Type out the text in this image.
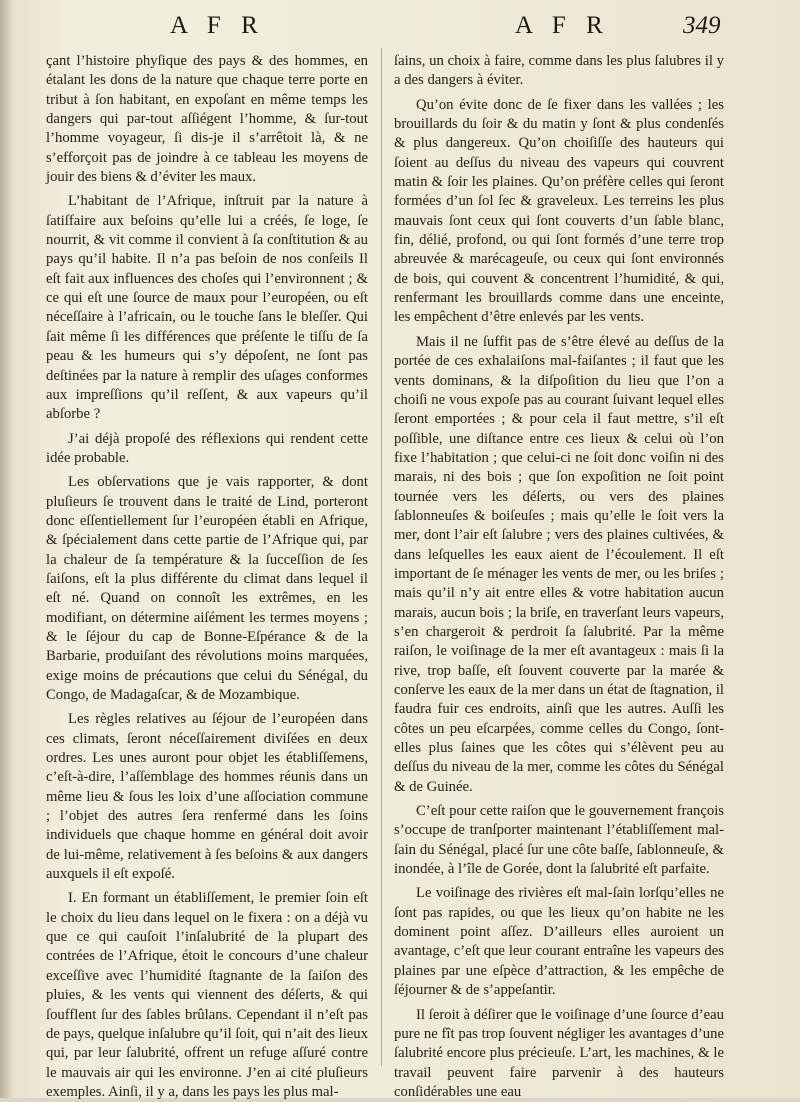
A F R	A F R	349

çant l’histoire phyſique des pays & des hommes, en étalant les dons de la nature que chaque terre porte en tribut à ſon habitant, en expoſant en même temps les dangers qui par-tout aſſiégent l’homme, & ſur-tout l’homme voyageur, ſi dis-je il s’arrêtoit là, & ne s’efforçoit pas de joindre à ce tableau les moyens de jouir des biens & d’éviter les maux.

L’habitant de l’Afrique, inſtruit par la nature à ſatiſfaire aux beſoins qu’elle lui a créés, ſe loge, ſe nourrit, & vit comme il convient à ſa conſtitution & au pays qu’il habite. Il n’a pas beſoin de nos conſeils Il eſt fait aux influences des choſes qui l’environnent ; & ce qui eſt une ſource de maux pour l’européen, ou eſt néceſſaire à l’africain, ou le touche ſans le bleſſer. Qui ſait même ſi les différences que préſente le tiſſu de ſa peau & les humeurs qui s’y dépoſent, ne ſont pas deſtinées par la nature à remplir des uſages conformes aux impreſſions qu’il reſſent, & aux vapeurs qu’il abſorbe ?

J’ai déjà propoſé des réflexions qui rendent cette idée probable.

Les obſervations que je vais rapporter, & dont pluſieurs ſe trouvent dans le traité de Lind, porteront donc eſſentiellement ſur l’européen établi en Afrique, & ſpécialement dans cette partie de l’Afrique qui, par la chaleur de ſa température & la ſucceſſion de ſes ſaiſons, eſt la plus différente du climat dans lequel il eſt né. Quand on connoît les extrêmes, en les modifiant, on détermine aiſément les termes moyens ; & le ſéjour du cap de Bonne-Eſpérance & de la Barbarie, produiſant des révolutions moins marquées, exige moins de précautions que celui du Sénégal, du Congo, de Madagaſcar, & de Mozambique.

Les règles relatives au ſéjour de l’européen dans ces climats, ſeront néceſſairement diviſées en deux ordres. Les unes auront pour objet les établiſſemens, c’eſt-à-dire, l’aſſemblage des hommes réunis dans un même lieu & ſous les loix d’une aſſociation commune ; l’objet des autres ſera renfermé dans les ſoins individuels que chaque homme en général doit avoir de lui-même, relativement à ſes beſoins & aux dangers auxquels il eſt expoſé.

I. En formant un établiſſement, le premier ſoin eſt le choix du lieu dans lequel on le fixera : on a déjà vu que ce qui cauſoit l’inſalubrité de la plupart des contrées de l’Afrique, étoit le concours d’une chaleur exceſſive avec l’humidité ſtagnante de la ſaiſon des pluies, & les vents qui viennent des déſerts, & qui ſoufflent ſur des ſables brûlans. Cependant il n’eſt pas de pays, quelque inſalubre qu’il ſoit, qui n’ait des lieux qui, par leur ſalubrité, offrent un refuge aſſuré contre le mauvais air qui les environne. J’en ai cité pluſieurs exemples. Ainſi, il y a, dans les pays les plus mal-

ſains, un choix à faire, comme dans les plus ſalubres il y a des dangers à éviter.

Qu’on évite donc de ſe fixer dans les vallées ; les brouillards du ſoir & du matin y ſont & plus condenſés & plus dangereux. Qu’on choiſiſſe des hauteurs qui ſoient au deſſus du niveau des vapeurs qui couvrent matin & ſoir les plaines. Qu’on préfère celles qui ſeront formées d’un ſol ſec & graveleux. Les terreins les plus mauvais ſont ceux qui ſont couverts d’un ſable blanc, fin, délié, profond, ou qui ſont formés d’une terre trop abreuvée & marécageuſe, ou ceux qui ſont environnés de bois, qui couvent & concentrent l’humidité, & qui, renfermant les brouillards comme dans une enceinte, les empêchent d’être enlevés par les vents.

Mais il ne ſuffit pas de s’être élevé au deſſus de la portée de ces exhalaiſons mal-faiſantes ; il faut que les vents dominans, & la diſpoſition du lieu que l’on a choiſi ne vous expoſe pas au courant ſuivant lequel elles ſeront emportées ; & pour cela il faut mettre, s’il eſt poſſible, une diſtance entre ces lieux & celui où l’on fixe l’habitation ; que celui-ci ne ſoit donc voiſin ni des marais, ni des bois ; que ſon expoſition ne ſoit point tournée vers les déſerts, ou vers des plaines ſablonneuſes & boiſeuſes ; mais qu’elle le ſoit vers la mer, dont l’air eſt ſalubre ; vers des plaines cultivées, & dans leſquelles les eaux aient de l’écoulement. Il eſt important de ſe ménager les vents de mer, ou les briſes ; mais qu’il n’y ait entre elles & votre habitation aucun marais, aucun bois ; la briſe, en traverſant leurs vapeurs, s’en chargeroit & perdroit ſa ſalubrité. Par la même raiſon, le voiſinage de la mer eſt avantageux : mais ſi la rive, trop baſſe, eſt ſouvent couverte par la marée & conſerve les eaux de la mer dans un état de ſtagnation, il faudra fuir ces endroits, ainſi que les autres. Auſſi les côtes un peu eſcarpées, comme celles du Congo, ſont-elles plus ſaines que les côtes qui s’élèvent peu au deſſus du niveau de la mer, comme les côtes du Sénégal & de Guinée.

C’eſt pour cette raiſon que le gouvernement françois s’occupe de tranſporter maintenant l’établiſſement mal-ſain du Sénégal, placé ſur une côte baſſe, ſablonneuſe, & inondée, à l’île de Gorée, dont la ſalubrité eſt parfaite.

Le voiſinage des rivières eſt mal-ſain lorſqu’elles ne ſont pas rapides, ou que les lieux qu’on habite ne les dominent point aſſez. D’ailleurs elles auroient un avantage, c’eſt que leur courant entraîne les vapeurs des plaines par une eſpèce d’attraction, & les empêche de ſéjourner & de s’appeſantir.

Il ſeroit à déſirer que le voiſinage d’une ſource d’eau pure ne fît pas trop ſouvent négliger les avantages d’une ſalubrité encore plus précieuſe. L’art, les machines, & le travail peuvent faire parvenir à des hauteurs conſidérables une eau
